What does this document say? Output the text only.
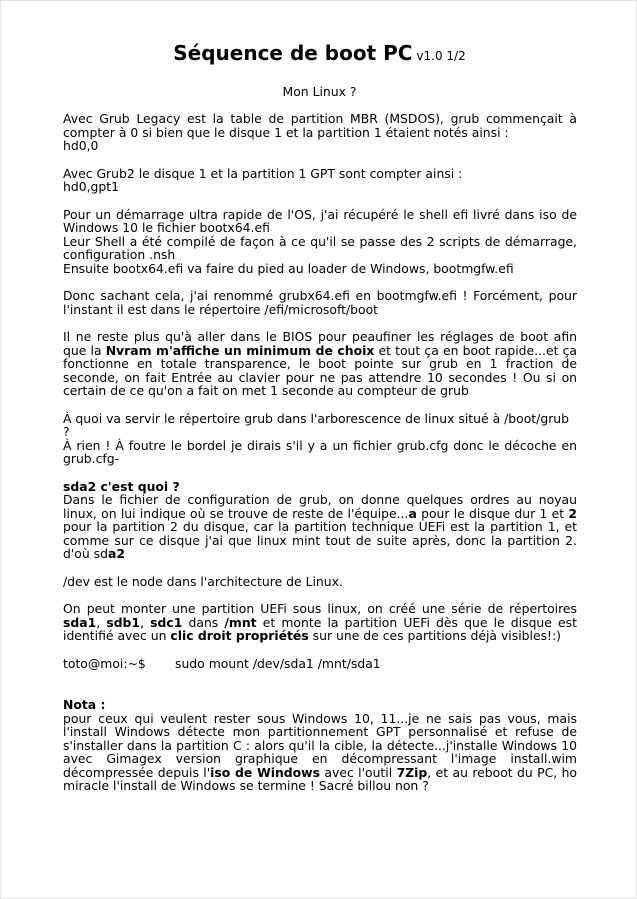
Séquence de boot PC v1.0 1/2
Mon Linux ?

Avec Grub Legacy est la table de partition MBR (MSDOS), grub commençait à compter à 0 si bien que le disque 1 et la partition 1 étaient notés ainsi :
hd0,0

Avec Grub2 le disque 1 et la partition 1 GPT sont compter ainsi :
hd0,gpt1

Pour un démarrage ultra rapide de l'OS, j'ai récupéré le shell efi livré dans iso de Windows 10 le fichier bootx64.efi
Leur Shell a été compilé de façon à ce qu'il se passe des 2 scripts de démarrage, configuration .nsh
Ensuite bootx64.efi va faire du pied au loader de Windows, bootmgfw.efi

Donc sachant cela, j'ai renommé grubx64.efi en bootmgfw.efi ! Forcément, pour l'instant il est dans le répertoire /efi/microsoft/boot

Il ne reste plus qu'à aller dans le BIOS pour peaufiner les réglages de boot afin que la Nvram m'affiche un minimum de choix et tout ça en boot rapide...et ça fonctionne en totale transparence, le boot pointe sur grub en 1 fraction de seconde, on fait Entrée au clavier pour ne pas attendre 10 secondes ! Ou si on certain de ce qu'on a fait on met 1 seconde au compteur de grub

À quoi va servir le répertoire grub dans l'arborescence de linux situé à /boot/grub ?
À rien ! À foutre le bordel je dirais s'il y a un fichier grub.cfg donc le décoche en grub.cfg-

sda2 c'est quoi ?
Dans le fichier de configuration de grub, on donne quelques ordres au noyau linux, on lui indique où se trouve de reste de l'équipe...a pour le disque dur 1 et 2 pour la partition 2 du disque, car la partition technique UEFi est la partition 1, et comme sur ce disque j'ai que linux mint tout de suite après, donc la partition 2. d'où sda2

/dev est le node dans l'architecture de Linux.

On peut monter une partition UEFi sous linux, on créé une série de répertoires sda1, sdb1, sdc1 dans /mnt et monte la partition UEFi dès que le disque est identifié avec un clic droit propriétés sur une de ces partitions déjà visibles!:)

toto@moi:~$	sudo mount /dev/sda1 /mnt/sda1

Nota :
pour ceux qui veulent rester sous Windows 10, 11...je ne sais pas vous, mais l'install Windows détecte mon partitionnement GPT personnalisé et refuse de s'installer dans la partition C : alors qu'il la cible, la détecte...j'installe Windows 10 avec Gimagex version graphique en décompressant l'image install.wim décompressée depuis l'iso de Windows avec l'outil 7Zip, et au reboot du PC, ho miracle l'install de Windows se termine ! Sacré billou non ?
